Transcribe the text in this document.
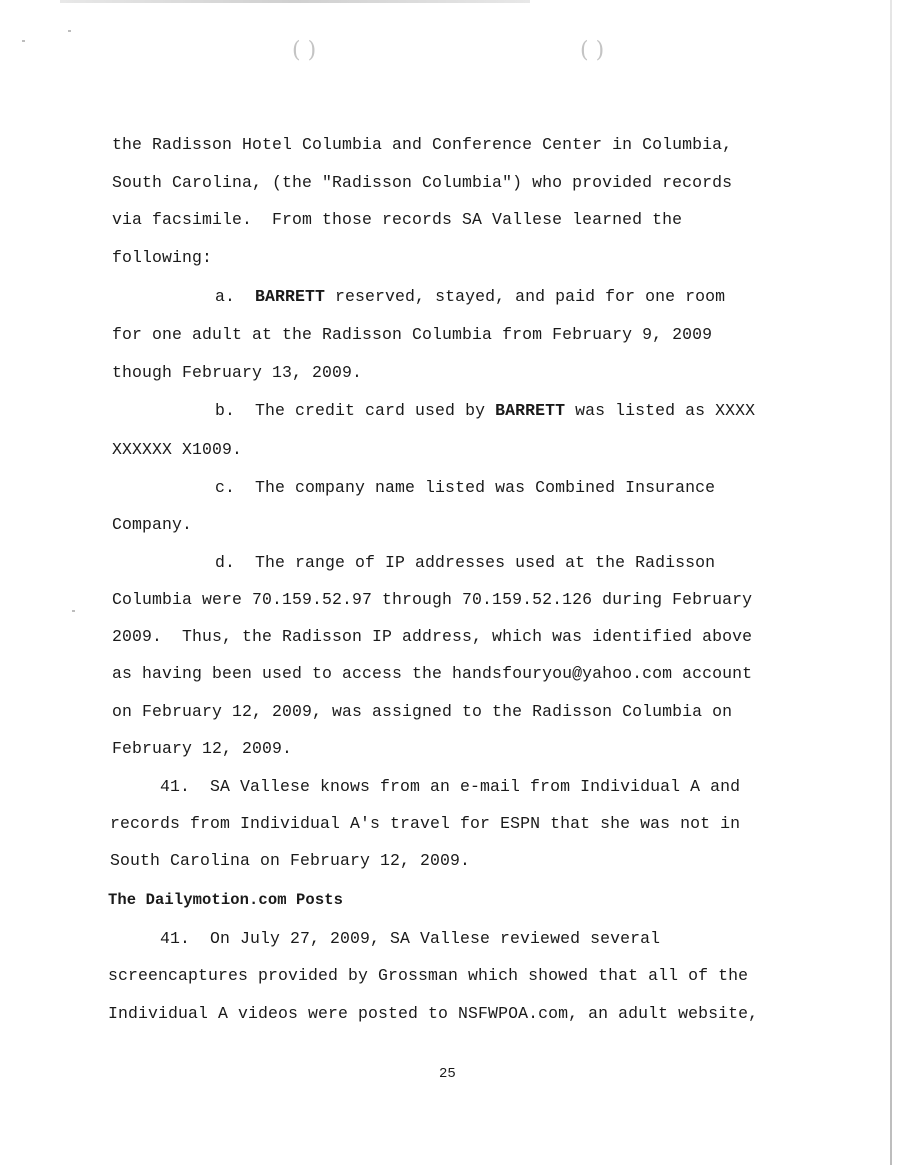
( )	( )
the Radisson Hotel Columbia and Conference Center in Columbia,
South Carolina, (the "Radisson Columbia") who provided records
via facsimile.  From those records SA Vallese learned the
following:
a. BARRETT reserved, stayed, and paid for one room
for one adult at the Radisson Columbia from February 9, 2009
though February 13, 2009.
b. The credit card used by BARRETT was listed as XXXX
XXXXXX X1009.
c. The company name listed was Combined Insurance
Company.
d. The range of IP addresses used at the Radisson
Columbia were 70.159.52.97 through 70.159.52.126 during February
2009.  Thus, the Radisson IP address, which was identified above
as having been used to access the handsfouryou@yahoo.com account
on February 12, 2009, was assigned to the Radisson Columbia on
February 12, 2009.
41.  SA Vallese knows from an e-mail from Individual A and
records from Individual A's travel for ESPN that she was not in
South Carolina on February 12, 2009.
The Dailymotion.com Posts
41.  On July 27, 2009, SA Vallese reviewed several
screencaptures provided by Grossman which showed that all of the
Individual A videos were posted to NSFWPOA.com, an adult website,
25
